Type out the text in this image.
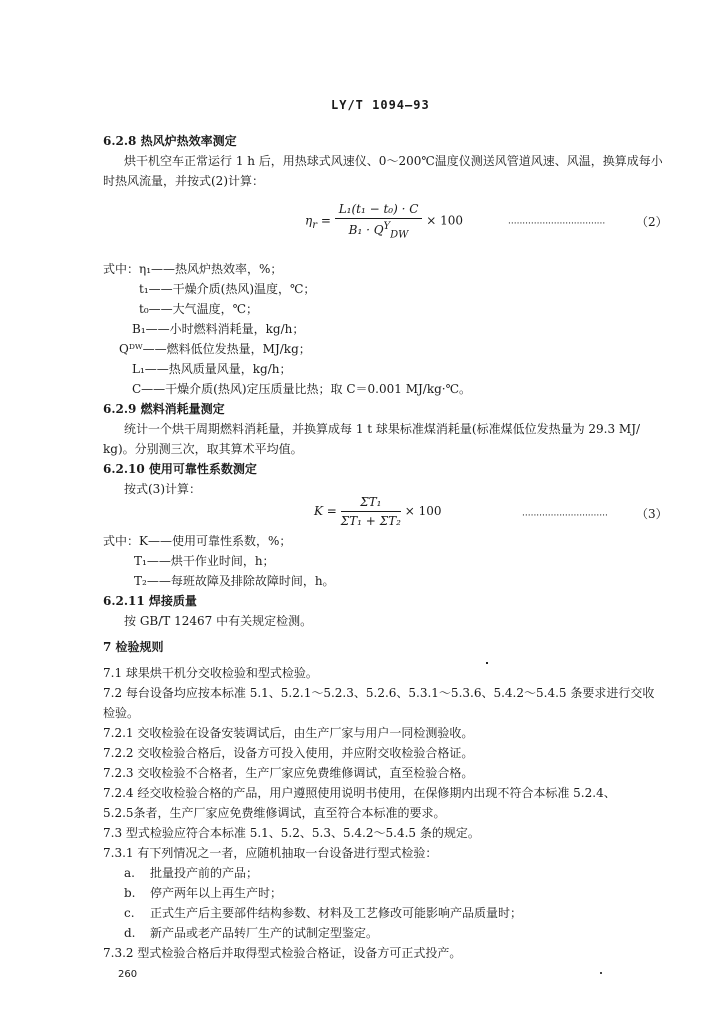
LY/T 1094—93
6.2.8 热风炉热效率测定
烘干机空车正常运行 1 h 后，用热球式风速仪、0～200℃温度仪测送风管道风速、风温，换算成每小
时热风流量，并按式(2)计算：
$\eta_r = \frac{\text{L₁(t₁ − t₀) · C}}{B_1 \cdot Q^Y_{DW}} \times 100$	··································	（2）
式中：η₁——热风炉热效率，%；
t₁——干燥介质(热风)温度，℃；
t₀——大气温度，℃；
B₁——小时燃料消耗量，kg/h；
Qᴰᵂ——燃料低位发热量，MJ/kg；
L₁——热风质量风量，kg/h；
C——干燥介质(热风)定压质量比热；取 C＝0.001 MJ/kg·℃。
6.2.9 燃料消耗量测定
统计一个烘干周期燃料消耗量，并换算成每 1 t 球果标准煤消耗量(标准煤低位发热量为 29.3 MJ/
kg)。分别测三次，取其算术平均值。
6.2.10 使用可靠性系数测定
按式(3)计算：
$K = \frac{\text{ΣT₁}}{\text{ΣT₁ + ΣT₂}} \times 100$	······························ （3）
式中：K——使用可靠性系数，%；
T₁——烘干作业时间，h；
T₂——每班故障及排除故障时间，h。
6.2.11 焊接质量
按 GB/T 12467 中有关规定检测。
7 检验规则
7.1 球果烘干机分交收检验和型式检验。
7.2 每台设备均应按本标准 5.1、5.2.1～5.2.3、5.2.6、5.3.1～5.3.6、5.4.2～5.4.5 条要求进行交收
检验。
7.2.1 交收检验在设备安装调试后，由生产厂家与用户一同检测验收。
7.2.2 交收检验合格后，设备方可投入使用，并应附交收检验合格证。
7.2.3 交收检验不合格者，生产厂家应免费维修调试，直至检验合格。
7.2.4 经交收检验合格的产品，用户遵照使用说明书使用，在保修期内出现不符合本标准 5.2.4、
5.2.5条者，生产厂家应免费维修调试，直至符合本标准的要求。
7.3 型式检验应符合本标准 5.1、5.2、5.3、5.4.2～5.4.5 条的规定。
7.3.1 有下列情况之一者，应随机抽取一台设备进行型式检验：
a. 批量投产前的产品；
b. 停产两年以上再生产时；
c. 正式生产后主要部件结构参数、材料及工艺修改可能影响产品质量时；
d. 新产品或老产品转厂生产的试制定型鉴定。
7.3.2 型式检验合格后并取得型式检验合格证，设备方可正式投产。
260
